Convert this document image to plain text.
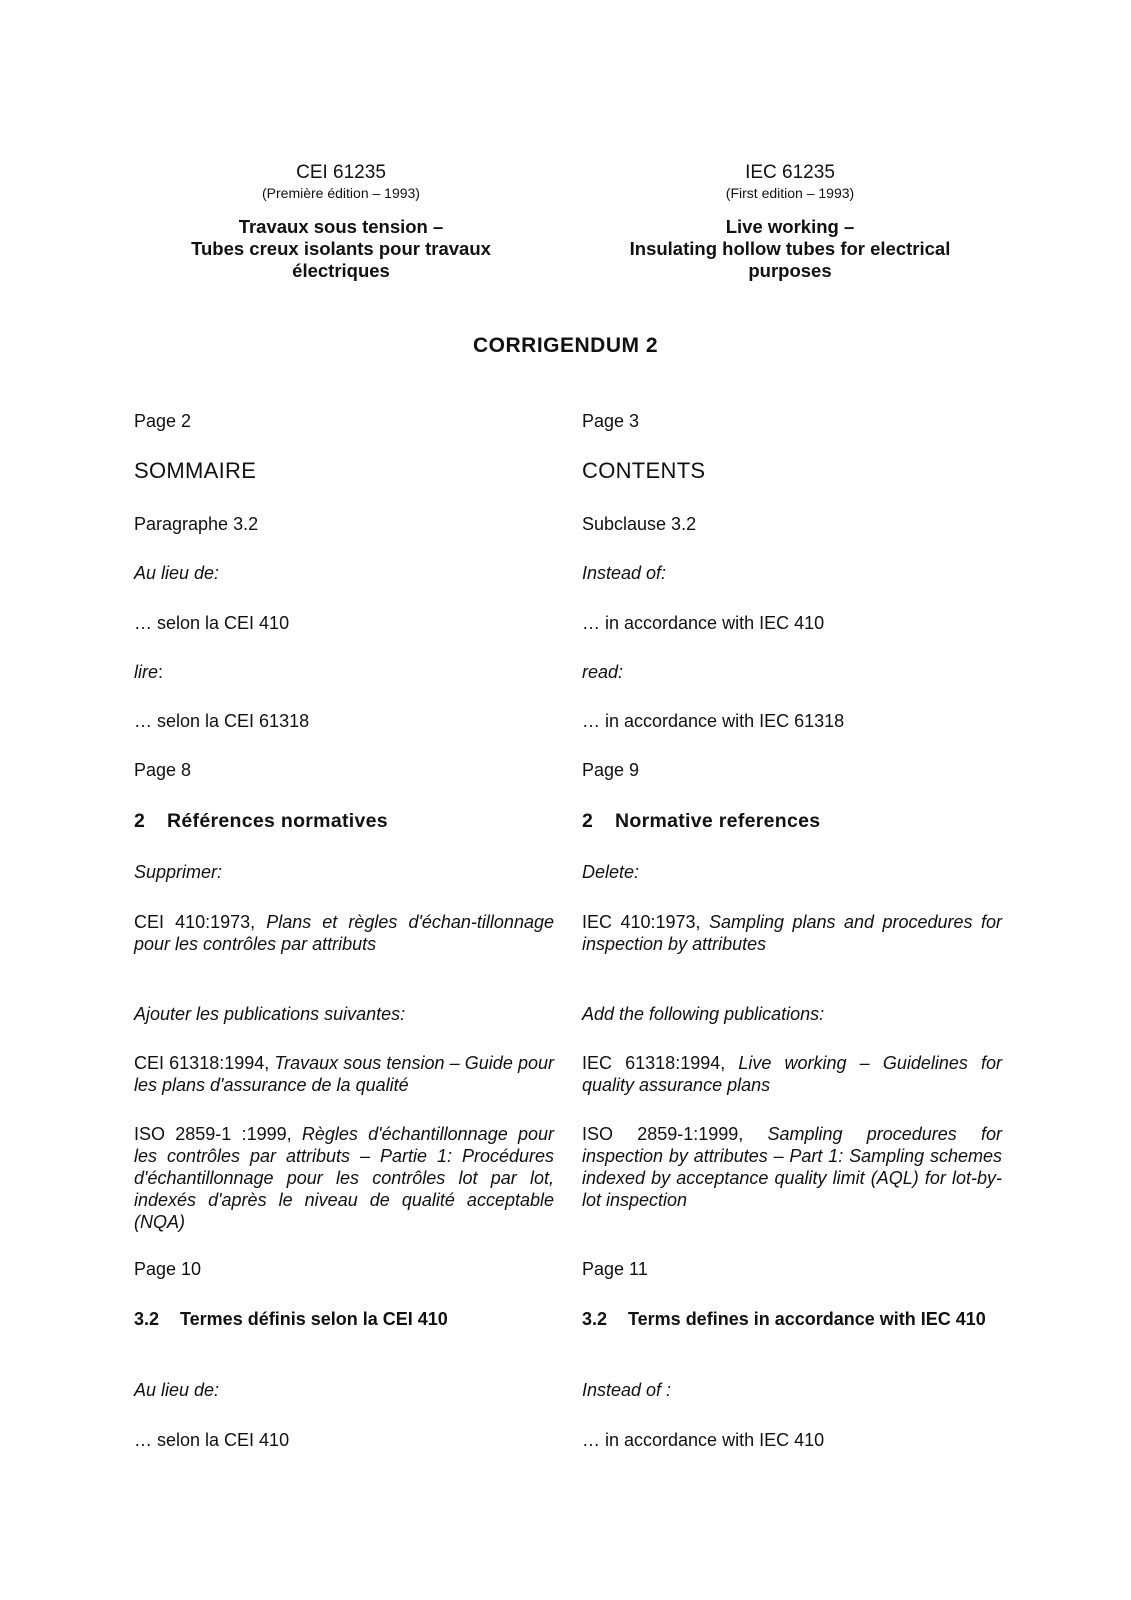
CEI 61235
(Première édition – 1993)
Travaux sous tension –
Tubes creux isolants pour travaux
électriques
IEC 61235
(First edition – 1993)
Live working –
Insulating hollow tubes for electrical
purposes
CORRIGENDUM 2
Page 2
SOMMAIRE
Paragraphe 3.2
Au lieu de:
… selon la CEI 410
lire:
… selon la CEI 61318
Page 8
2 Références normatives
Supprimer:
CEI 410:1973, Plans et règles d'échan-tillonnage pour les contrôles par attributs
Ajouter les publications suivantes:
CEI 61318:1994, Travaux sous tension – Guide pour les plans d'assurance de la qualité
ISO 2859-1 :1999, Règles d'échantillonnage pour les contrôles par attributs – Partie 1: Procédures d'échantillonnage pour les contrôles lot par lot, indexés d'après le niveau de qualité acceptable (NQA)
Page 10
3.2 Termes définis selon la CEI 410
Au lieu de:
… selon la CEI 410
Page 3
CONTENTS
Subclause 3.2
Instead of:
… in accordance with IEC 410
read:
… in accordance with IEC 61318
Page 9
2 Normative references
Delete:
IEC 410:1973, Sampling plans and procedures for inspection by attributes
Add the following publications:
IEC 61318:1994, Live working – Guidelines for quality assurance plans
ISO 2859-1:1999, Sampling procedures for inspection by attributes – Part 1: Sampling schemes indexed by acceptance quality limit (AQL) for lot-by-lot inspection
Page 11
3.2 Terms defines in accordance with IEC 410
Instead of :
… in accordance with IEC 410
